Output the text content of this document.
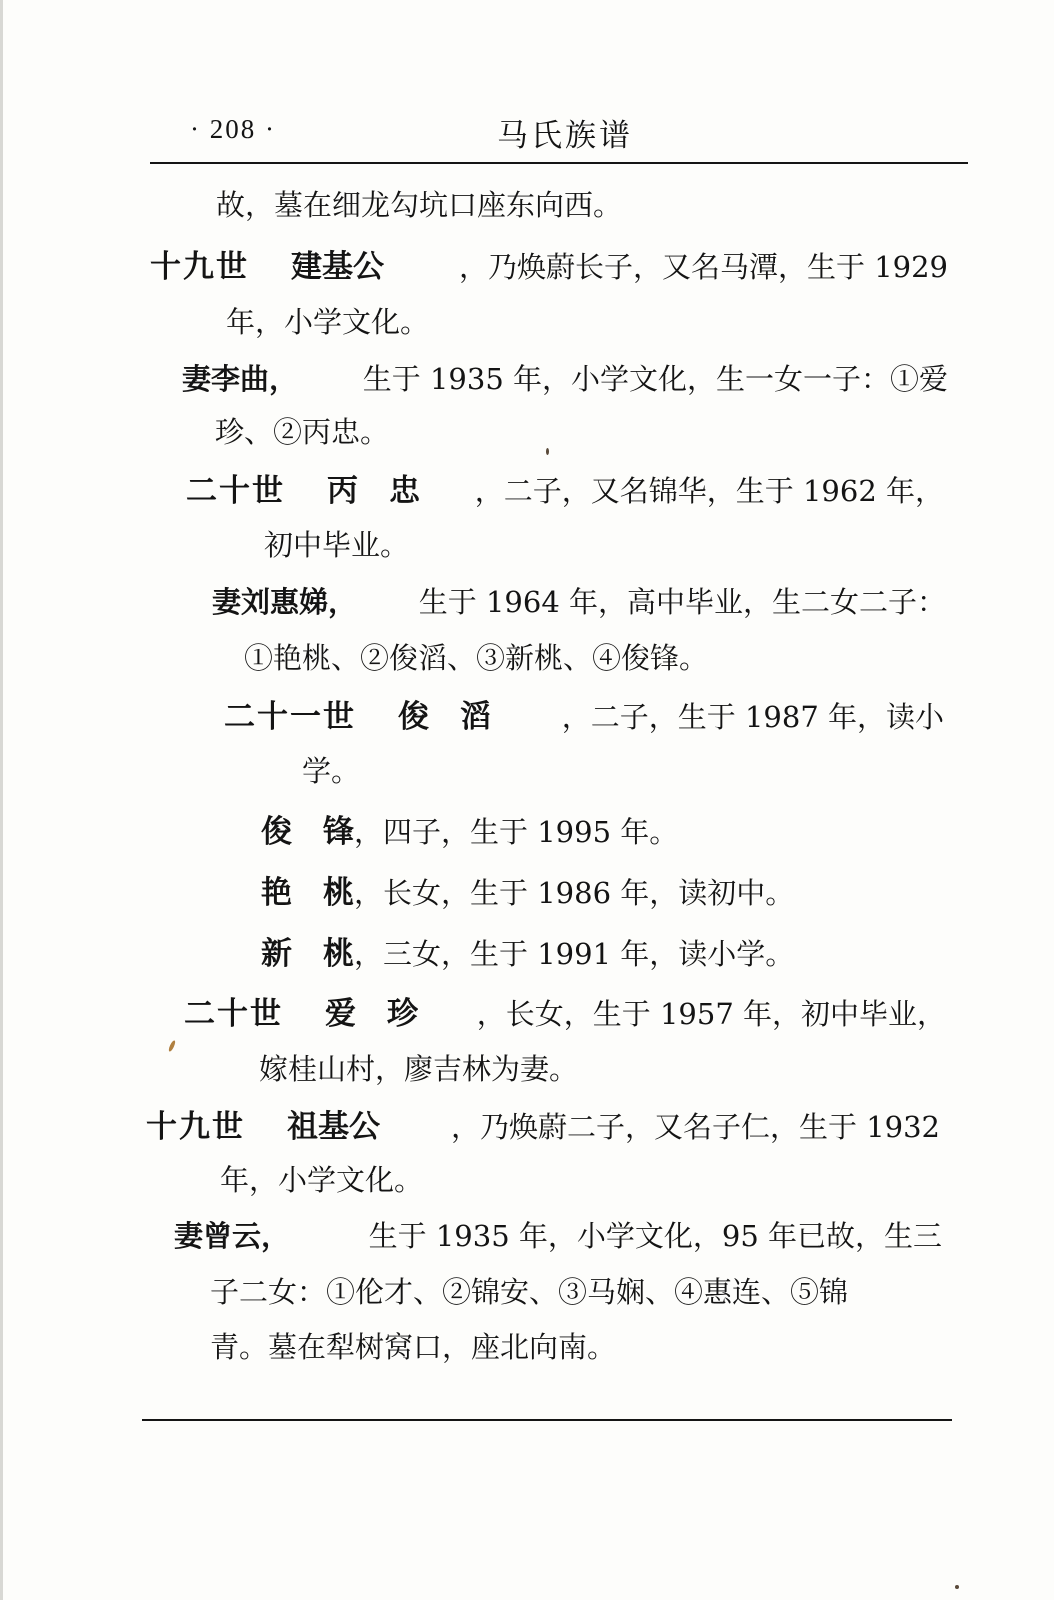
· 208 ·	马氏族谱
故，墓在细龙勾坑口座东向西。
十九世 建基公	，乃焕蔚长子，又名马潭，生于 1929
年，小学文化。
妻李曲， 生于 1935 年，小学文化，生一女一子：①爱
珍、②丙忠。
二十世 丙　忠 ，二子，又名锦华，生于 1962 年，
初中毕业。
妻刘惠娣， 生于 1964 年，高中毕业，生二女二子：
①艳桃、②俊滔、③新桃、④俊锋。
二十一世 俊　滔 ，二子，生于 1987 年，读小
学。
俊　锋，四子，生于 1995 年。
艳　桃，长女，生于 1986 年，读初中。
新　桃，三女，生于 1991 年，读小学。
二十世 爱　珍 ，长女，生于 1957 年，初中毕业，
嫁桂山村，廖吉林为妻。
十九世 祖基公 ，乃焕蔚二子，又名子仁，生于 1932
年，小学文化。
妻曾云，	生于 1935 年，小学文化，95 年已故，生三
子二女：①伦才、②锦安、③马娴、④惠连、⑤锦
青。墓在犁树窝口，座北向南。
